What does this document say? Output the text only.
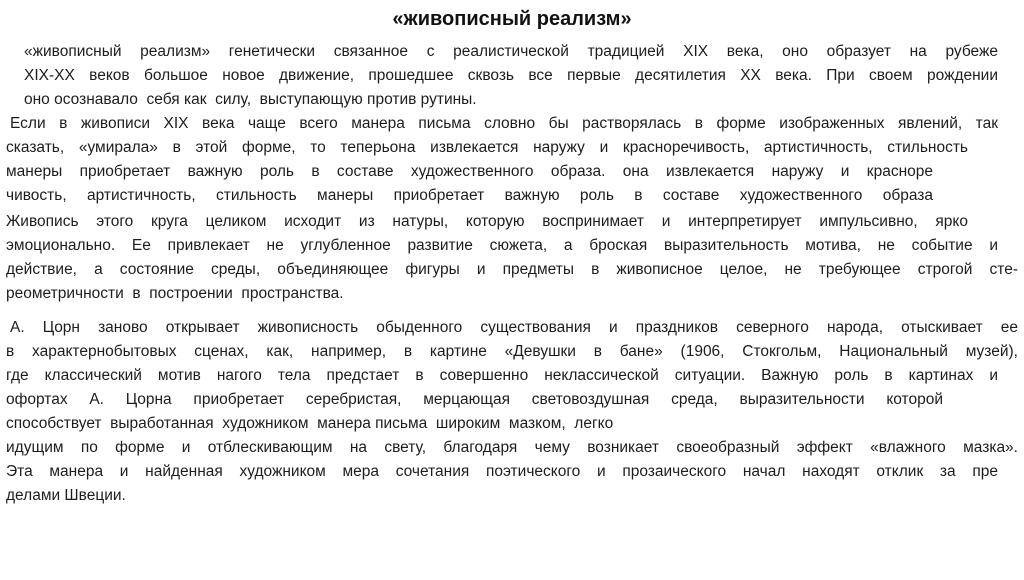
«живописный реализм»
«живописный реализм» генетически связанное с реалистической традицией XIX века, оно образует на рубеже
XIX-XX веков большое новое движение, прошедшее сквозь все первые десятилетия XX века. При своем рождении
оно осознавало  себя как  силу,  выступающую против рутины.
Если в живописи XIX века чаще всего манера письма словно бы растворялась в форме изображенных явлений, так
сказать, «умирала» в этой форме, то теперьона извлекается наружу и красноречивость, артистичность, стильность
манеры приобретает важную роль в составе художественного образа. она извлекается наружу и красноре
чивость, артистичность, стильность манеры приобретает важную роль в составе художественного образа
Живопись этого круга целиком исходит из натуры, которую воспринимает и интерпретирует импульсивно, ярко
эмоционально. Ее привлекает не углубленное развитие сюжета, а броская выразительность мотива, не событие и
действие, а состояние среды, объединяющее фигуры и предметы в живописное целое, не требующее строгой сте-
реометричности  в  построении  пространства.
А. Цорн заново открывает живописность обыденного существования и праздников северного народа, отыскивает ее
в характернобытовых сценах, как, например, в картине «Девушки в бане» (1906, Стокгольм, Национальный музей),
где классический мотив нагого тела предстает в совершенно неклассической ситуации. Важную роль в картинах и
офортах А. Цорна приобретает серебристая, мерцающая световоздушная среда, выразительности которой
способствует  выработанная  художником  манера письма  широким  мазком,  легко
идущим по форме и отблескивающим на свету, благодаря чему возникает своеобразный эффект «влажного мазка».
Эта манера и найденная художником мера сочетания поэтического и прозаического начал находят отклик за пре
делами Швеции.
